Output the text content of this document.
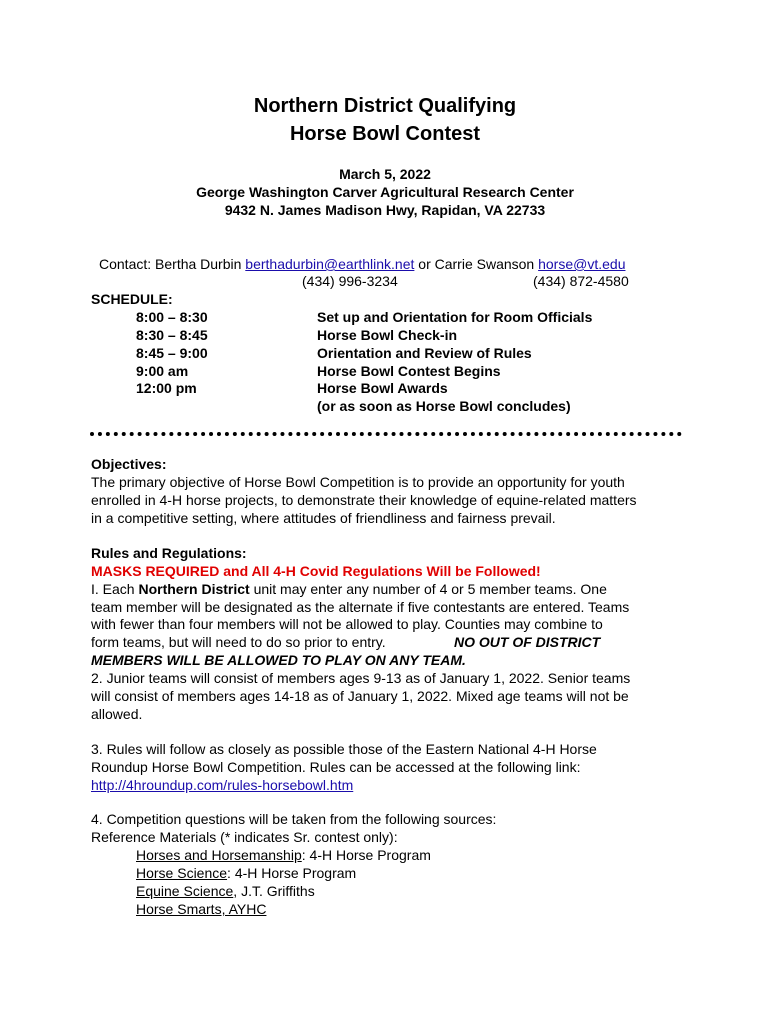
Northern District Qualifying
Horse Bowl Contest
March 5, 2022
George Washington Carver Agricultural Research Center
9432 N. James Madison Hwy, Rapidan, VA 22733
Contact: Bertha Durbin berthadurbin@earthlink.net or Carrie Swanson horse@vt.edu
(434) 996-3234	(434) 872-4580
SCHEDULE:
8:00 – 8:30	Set up and Orientation for Room Officials
8:30 – 8:45	Horse Bowl Check-in
8:45 – 9:00	Orientation and Review of Rules
9:00 am	Horse Bowl Contest Begins
12:00 pm	Horse Bowl Awards
(or as soon as Horse Bowl concludes)
Objectives:
The primary objective of Horse Bowl Competition is to provide an opportunity for youth
enrolled in 4-H horse projects, to demonstrate their knowledge of equine-related matters
in a competitive setting, where attitudes of friendliness and fairness prevail.
Rules and Regulations:
MASKS REQUIRED and All 4-H Covid Regulations Will be Followed!
I. Each Northern District unit may enter any number of 4 or 5 member teams. One
team member will be designated as the alternate if five contestants are entered. Teams
with fewer than four members will not be allowed to play. Counties may combine to
form teams, but will need to do so prior to entry.	NO OUT OF DISTRICT
MEMBERS WILL BE ALLOWED TO PLAY ON ANY TEAM.
2. Junior teams will consist of members ages 9-13 as of January 1, 2022. Senior teams
will consist of members ages 14-18 as of January 1, 2022. Mixed age teams will not be
allowed.
3. Rules will follow as closely as possible those of the Eastern National 4-H Horse
Roundup Horse Bowl Competition. Rules can be accessed at the following link:
http://4hroundup.com/rules-horsebowl.htm
4. Competition questions will be taken from the following sources:
Reference Materials (* indicates Sr. contest only):
Horses and Horsemanship: 4-H Horse Program
Horse Science: 4-H Horse Program
Equine Science, J.T. Griffiths
Horse Smarts, AYHC
